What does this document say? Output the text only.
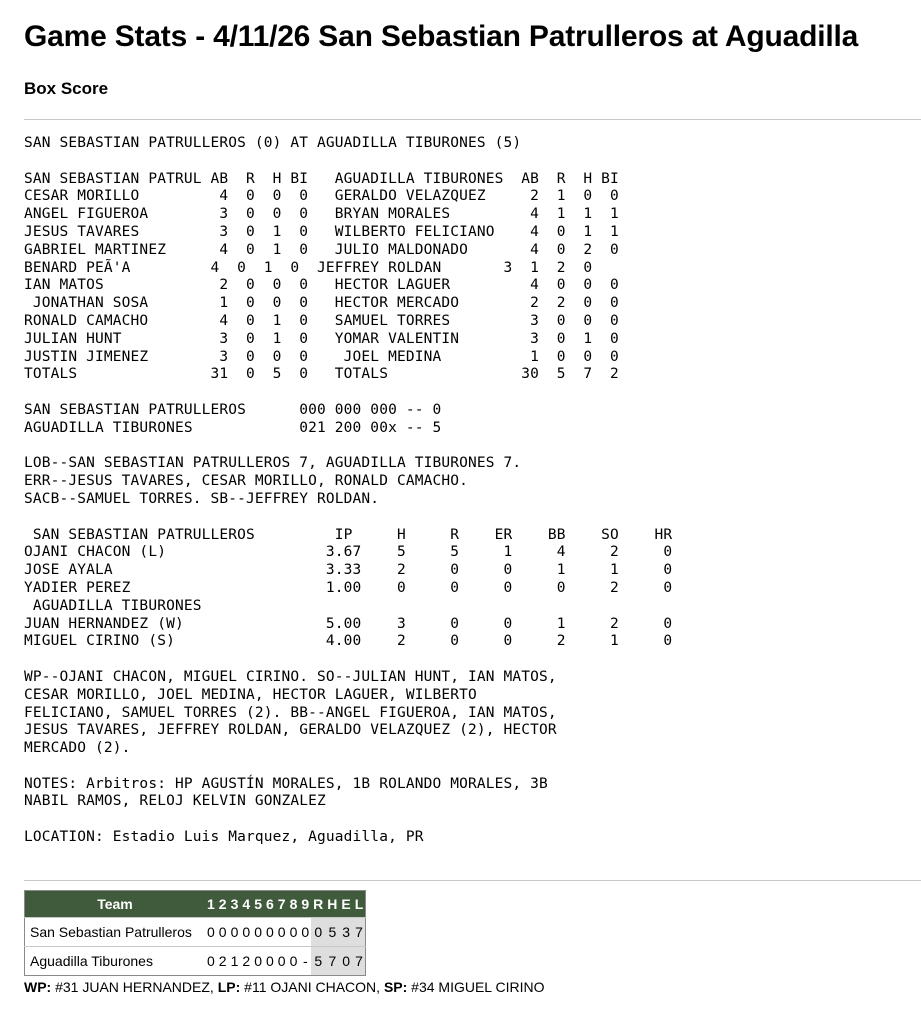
Game Stats - 4/11/26 San Sebastian Patrulleros at Aguadilla
Box Score
SAN SEBASTIAN PATRULLEROS (0) AT AGUADILLA TIBURONES (5)

SAN SEBASTIAN PATRUL AB  R  H BI   AGUADILLA TIBURONES  AB  R  H BI
CESAR MORILLO         4  0  0  0   GERALDO VELAZQUEZ     2  1  0  0
ANGEL FIGUEROA        3  0  0  0   BRYAN MORALES         4  1  1  1
JESUS TAVARES         3  0  1  0   WILBERTO FELICIANO    4  0  1  1
GABRIEL MARTINEZ      4  0  1  0   JULIO MALDONADO       4  0  2  0
BENARD PEÃ'A         4  0  1  0  JEFFREY ROLDAN       3  1  2  0
IAN MATOS             2  0  0  0   HECTOR LAGUER         4  0  0  0
JONATHAN SOSA        1  0  0  0   HECTOR MERCADO        2  2  0  0
RONALD CAMACHO        4  0  1  0   SAMUEL TORRES         3  0  0  0
JULIAN HUNT           3  0  1  0   YOMAR VALENTIN        3  0  1  0
JUSTIN JIMENEZ        3  0  0  0    JOEL MEDINA          1  0  0  0
TOTALS               31  0  5  0   TOTALS               30  5  7  2

SAN SEBASTIAN PATRULLEROS      000 000 000 -- 0
AGUADILLA TIBURONES            021 200 00x -- 5

LOB--SAN SEBASTIAN PATRULLEROS 7, AGUADILLA TIBURONES 7.
ERR--JESUS TAVARES, CESAR MORILLO, RONALD CAMACHO.
SACB--SAMUEL TORRES. SB--JEFFREY ROLDAN.

SAN SEBASTIAN PATRULLEROS         IP     H     R    ER    BB    SO    HR
OJANI CHACON (L)                  3.67    5     5     1     4     2     0
JOSE AYALA                        3.33    2     0     0     1     1     0
YADIER PEREZ                      1.00    0     0     0     0     2     0
AGUADILLA TIBURONES
JUAN HERNANDEZ (W)                5.00    3     0     0     1     2     0
MIGUEL CIRINO (S)                 4.00    2     0     0     2     1     0

WP--OJANI CHACON, MIGUEL CIRINO. SO--JULIAN HUNT, IAN MATOS,
CESAR MORILLO, JOEL MEDINA, HECTOR LAGUER, WILBERTO
FELICIANO, SAMUEL TORRES (2). BB--ANGEL FIGUEROA, IAN MATOS,
JESUS TAVARES, JEFFREY ROLDAN, GERALDO VELAZQUEZ (2), HECTOR
MERCADO (2).

NOTES: Arbitros: HP AGUSTÍN MORALES, 1B ROLANDO MORALES, 3B
NABIL RAMOS, RELOJ KELVIN GONZALEZ

LOCATION: Estadio Luis Marquez, Aguadilla, PR

Team	1	2	3	4	5	6	7	8	9	R	H	E	L
San Sebastian Patrulleros	0	0	0	0	0	0	0	0	0	0	5	3	7
Aguadilla Tiburones	0	2	1	2	0	0	0	0	-	5	7	0	7

WP: #31 JUAN HERNANDEZ, LP: #11 OJANI CHACON, SP: #34 MIGUEL CIRINO
